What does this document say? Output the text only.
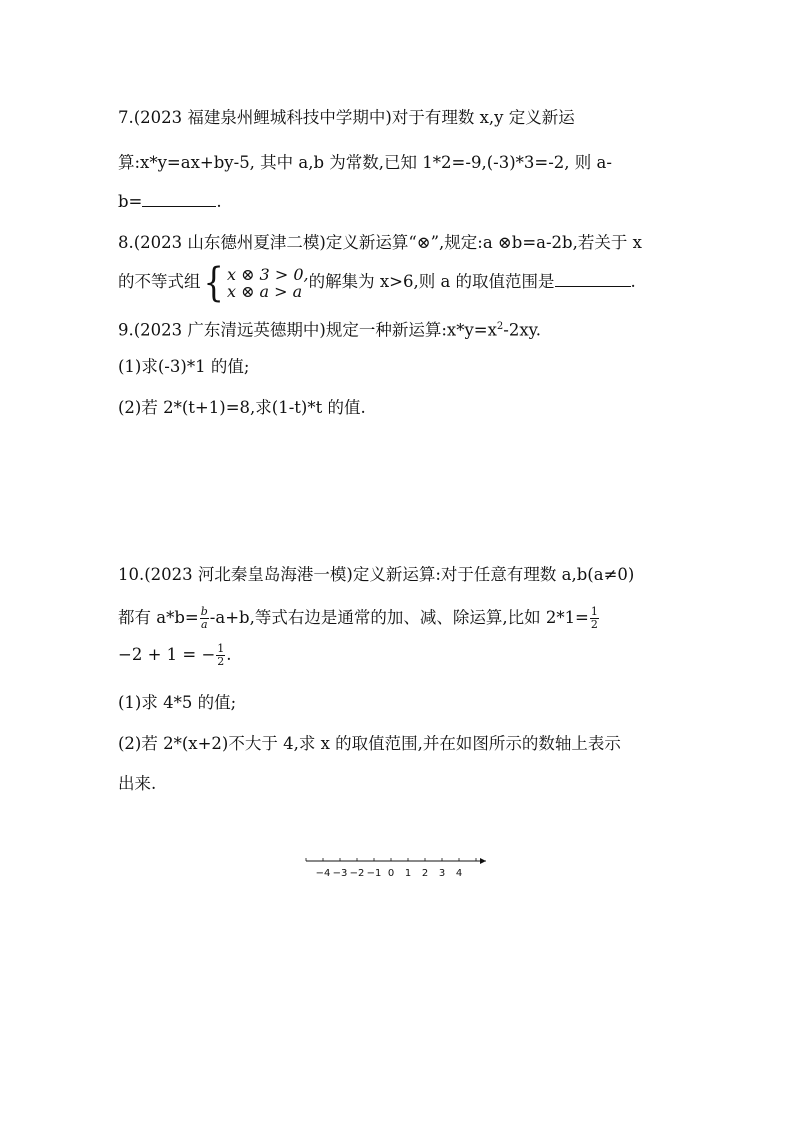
7.(2023 福建泉州鲤城科技中学期中)对于有理数 x,y 定义新运
算:x*y=ax+by-5, 其中 a,b 为常数,已知 1*2=-9,(-3)*3=-2, 则 a-
b=	.
8.(2023 山东德州夏津二模)定义新运算“⊗”,规定:a ⊗b=a-2b,若关于 x
的不等式组 { x ⊗ 3 > 0,
x ⊗ a > a 的解集为 x>6,则 a 的取值范围是	.
9.(2023 广东清远英德期中)规定一种新运算$:x*y=x^2-2xy$.
(1)求(-3)*1 的值;
(2)若 2*(t+1)=8,求(1-t)*t 的值.
10.(2023 河北秦皇岛海港一模)定义新运算:对于任意有理数 a,b(a≠0)
都有 $a*b= \frac{b}{a} -a+b$,等式右边是通常的加、减、除运算,比如 $2*1= \frac{1}{2}$
−2 + 1 = − $\frac{1}{2}$ .
(1)求 4*5 的值;
(2)若 2*(x+2)不大于 4,求 x 的取值范围,并在如图所示的数轴上表示
出来.
−4 −3 −2 −1 0 1 2 3 4
